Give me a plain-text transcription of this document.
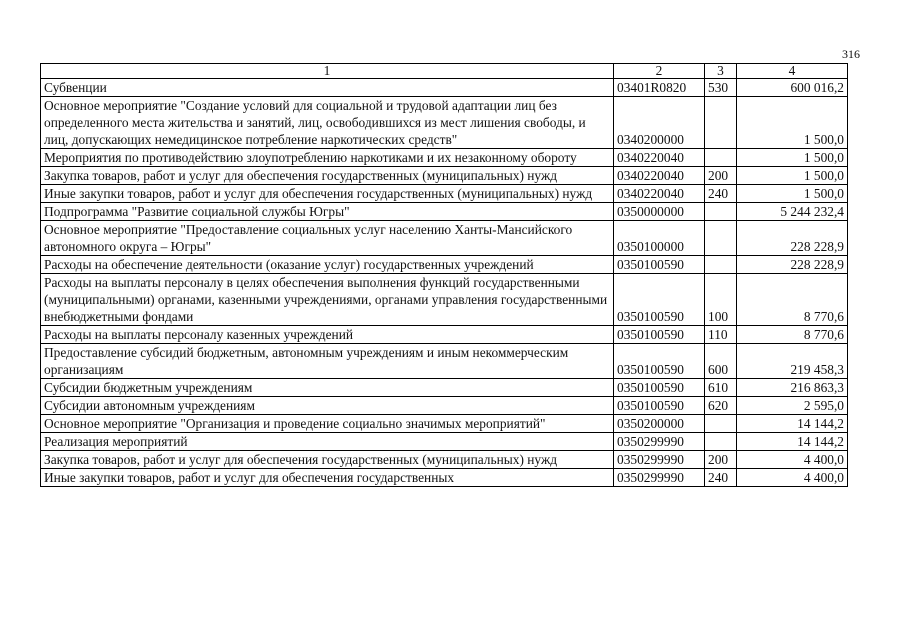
316
1	2	3	4
Субвенции	03401R0820	530	600 016,2
Основное мероприятие "Создание условий для социальной и трудовой адаптации лиц без определенного места жительства и занятий, лиц, освободившихся из мест лишения свободы, и лиц, допускающих немедицинское потребление наркотических средств"	0340200000		1 500,0
Мероприятия по противодействию злоупотреблению наркотиками и их незаконному обороту	0340220040		1 500,0
Закупка товаров, работ и услуг для обеспечения государственных (муниципальных) нужд	0340220040	200	1 500,0
Иные закупки товаров, работ и услуг для обеспечения государственных (муниципальных) нужд	0340220040	240	1 500,0
Подпрограмма "Развитие социальной службы Югры"	0350000000		5 244 232,4
Основное мероприятие "Предоставление социальных услуг населению Ханты-Мансийского автономного округа – Югры"	0350100000		228 228,9
Расходы на обеспечение деятельности (оказание услуг) государственных учреждений	0350100590		228 228,9
Расходы на выплаты персоналу в целях обеспечения выполнения функций государственными (муниципальными) органами, казенными учреждениями, органами управления государственными внебюджетными фондами	0350100590	100	8 770,6
Расходы на выплаты персоналу казенных учреждений	0350100590	110	8 770,6
Предоставление субсидий бюджетным, автономным учреждениям и иным некоммерческим организациям	0350100590	600	219 458,3
Субсидии бюджетным учреждениям	0350100590	610	216 863,3
Субсидии автономным учреждениям	0350100590	620	2 595,0
Основное мероприятие "Организация и проведение социально значимых мероприятий"	0350200000		14 144,2
Реализация мероприятий	0350299990		14 144,2
Закупка товаров, работ и услуг для обеспечения государственных (муниципальных) нужд	0350299990	200	4 400,0
Иные закупки товаров, работ и услуг для обеспечения государственных	0350299990	240	4 400,0
